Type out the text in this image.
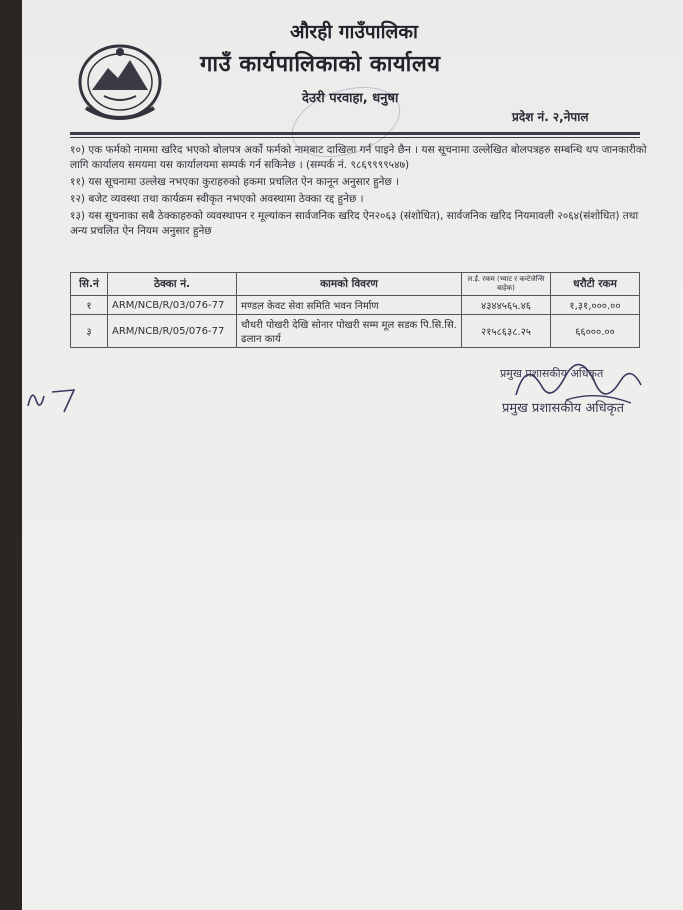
औरही गाउँपालिका
गाउँ कार्यपालिकाको कार्यालय
देउरी परवाहा, धनुषा
प्रदेश नं. २,नेपाल

१०) एक फर्मको नाममा खरिद भएको बोलपत्र अर्को फर्मको नामबाट दाखिला गर्न पाइने छैन । यस सूचनामा उल्लेखित बोलपत्रहरु सम्बन्धि थप जानकारीको लागि कार्यालय समयमा यस कार्यालयमा सम्पर्क गर्न सकिनेछ । (सम्पर्क नं. ९८६९९९९५४७)

११) यस सूचनामा उल्लेख नभएका कुराहरुको हकमा प्रचलित ऐन कानून अनुसार हुनेछ ।

१२) बजेट व्यवस्था तथा कार्यक्रम स्वीकृत नभएको अवस्थामा ठेक्का रद्द हुनेछ ।

१३) यस सूचनाका सबै ठेक्काहरुको व्यवस्थापन र मूल्यांकन सार्वजनिक खरिद ऐन२०६३ (संशोधित), सार्वजनिक खरिद नियमावली २०६४(संशोधित) तथा अन्य प्रचलित ऐन नियम अनुसार हुनेछ

सि.नं	ठेक्का नं.	कामको विवरण	ल.ई. रकम (भ्याट र कन्टेजेन्सि बाहेक)	धरौटी रकम
१	ARM/NCB/R/03/076-77	मण्डल केवट सेवा समिति भवन निर्माण	४३४४५६५.४६	१,३१,०००.००
३	ARM/NCB/R/05/076-77	चौधरी पोखरी देखि सोनार पोखरी सम्म मूल सडक पि.सि.सि. ढलान कार्य	२१५८६३८.२५	६६०००.००
प्रमुख प्रशासकीय अधिकृत
प्रमुख प्रशासकीय अधिकृत
